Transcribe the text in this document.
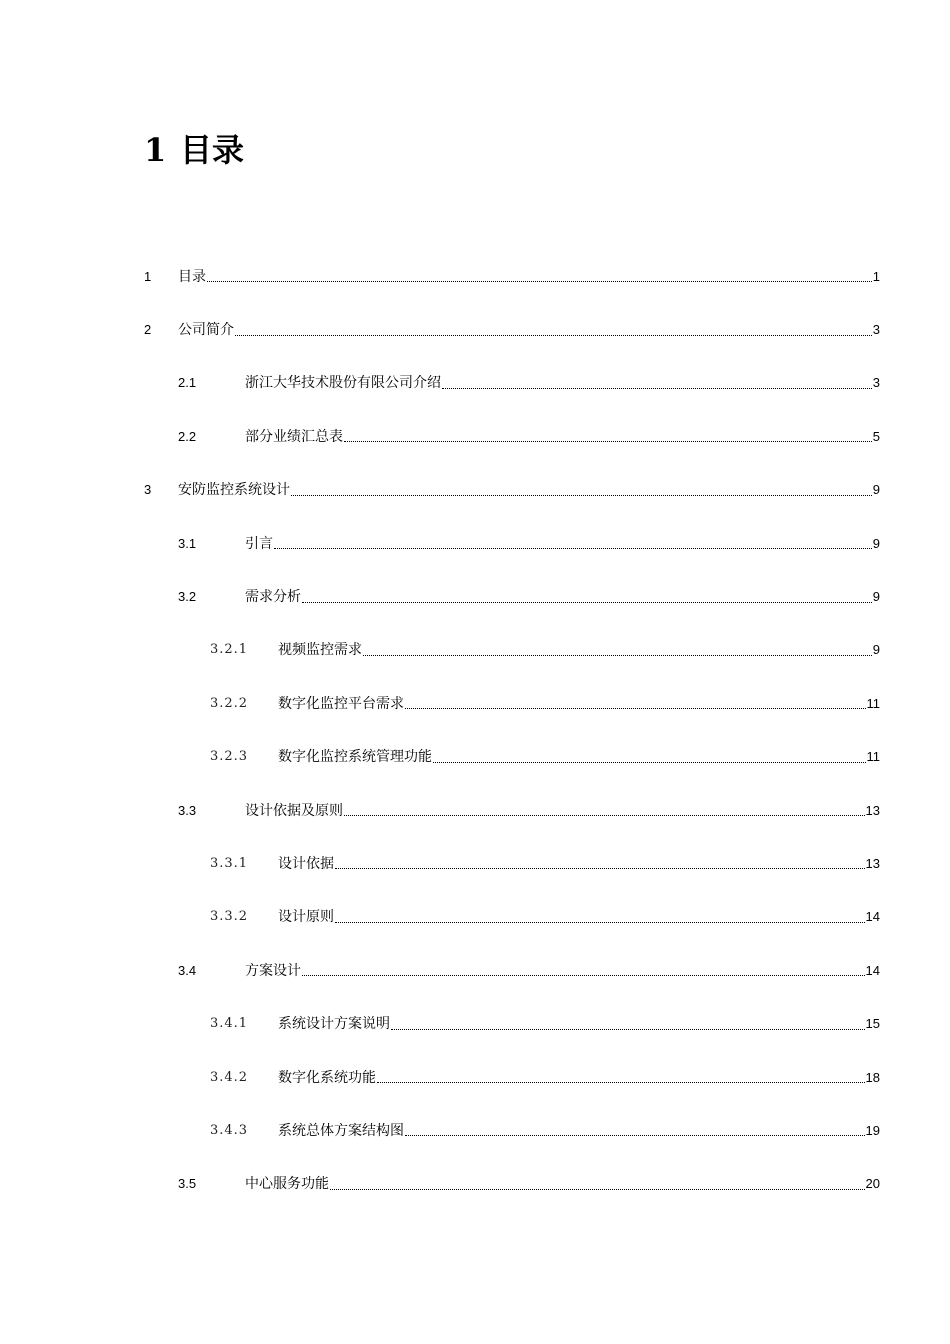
1 目录
1	目录	1
2	公司简介	3
2.1	浙江大华技术股份有限公司介绍	3
2.2	部分业绩汇总表	5
3	安防监控系统设计	9
3.1	引言	9
3.2	需求分析	9
3.2.1	视频监控需求	9
3.2.2	数字化监控平台需求	11
3.2.3	数字化监控系统管理功能	11
3.3	设计依据及原则	13
3.3.1	设计依据	13
3.3.2	设计原则	14
3.4	方案设计	14
3.4.1	系统设计方案说明	15
3.4.2	数字化系统功能	18
3.4.3	系统总体方案结构图	19
3.5	中心服务功能	20
